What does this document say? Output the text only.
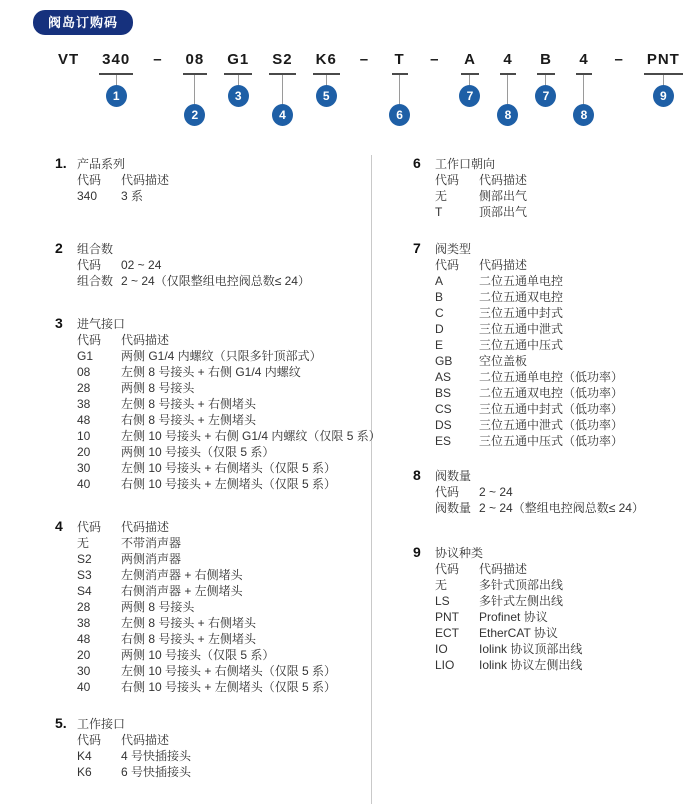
阀岛订购码
VT 340
1
– 08
2
G1
3
S2
4
K6
5
– T
6
– A
7
4
8
B
7
4
8
– PNT
9
1. 产品系列
代码	代码描述
340	3 系
2	组合数
代码	02 ~ 24
组合数 2 ~ 24（仅限整组电控阀总数≤ 24）
3	进气接口
代码	代码描述
G1	两侧 G1/4 内螺纹（只限多针顶部式）
08	左侧 8 号接头 + 右侧 G1/4 内螺纹
28	两侧 8 号接头
38	左侧 8 号接头 + 右侧堵头
48	右侧 8 号接头 + 左侧堵头
10	左侧 10 号接头 + 右侧 G1/4 内螺纹（仅限 5 系）
20	两侧 10 号接头（仅限 5 系）
30	左侧 10 号接头 + 右侧堵头（仅限 5 系）
40	右侧 10 号接头 + 左侧堵头（仅限 5 系）
4	代码	代码描述
无	不带消声器
S2	两侧消声器
S3	左侧消声器 + 右侧堵头
S4	右侧消声器 + 左侧堵头
28	两侧 8 号接头
38	左侧 8 号接头 + 右侧堵头
48	右侧 8 号接头 + 左侧堵头
20	两侧 10 号接头（仅限 5 系）
30	左侧 10 号接头 + 右侧堵头（仅限 5 系）
40	右侧 10 号接头 + 左侧堵头（仅限 5 系）
5. 工作接口
代码	代码描述
K4	4 号快插接头
K6	6 号快插接头
6	工作口朝向
代码	代码描述
无	侧部出气
T	顶部出气
7	阀类型
代码	代码描述
A	二位五通单电控
B	二位五通双电控
C	三位五通中封式
D	三位五通中泄式
E	三位五通中压式
GB	空位盖板
AS	二位五通单电控（低功率）
BS	二位五通双电控（低功率）
CS	三位五通中封式（低功率）
DS	三位五通中泄式（低功率）
ES	三位五通中压式（低功率）
8	阀数量
代码	2 ~ 24
阀数量 2 ~ 24（整组电控阀总数≤ 24）
9	协议种类
代码	代码描述
无	多针式顶部出线
LS	多针式左侧出线
PNT	Profinet 协议
ECT	EtherCAT 协议
IO	Iolink 协议顶部出线
LIO	Iolink 协议左侧出线
